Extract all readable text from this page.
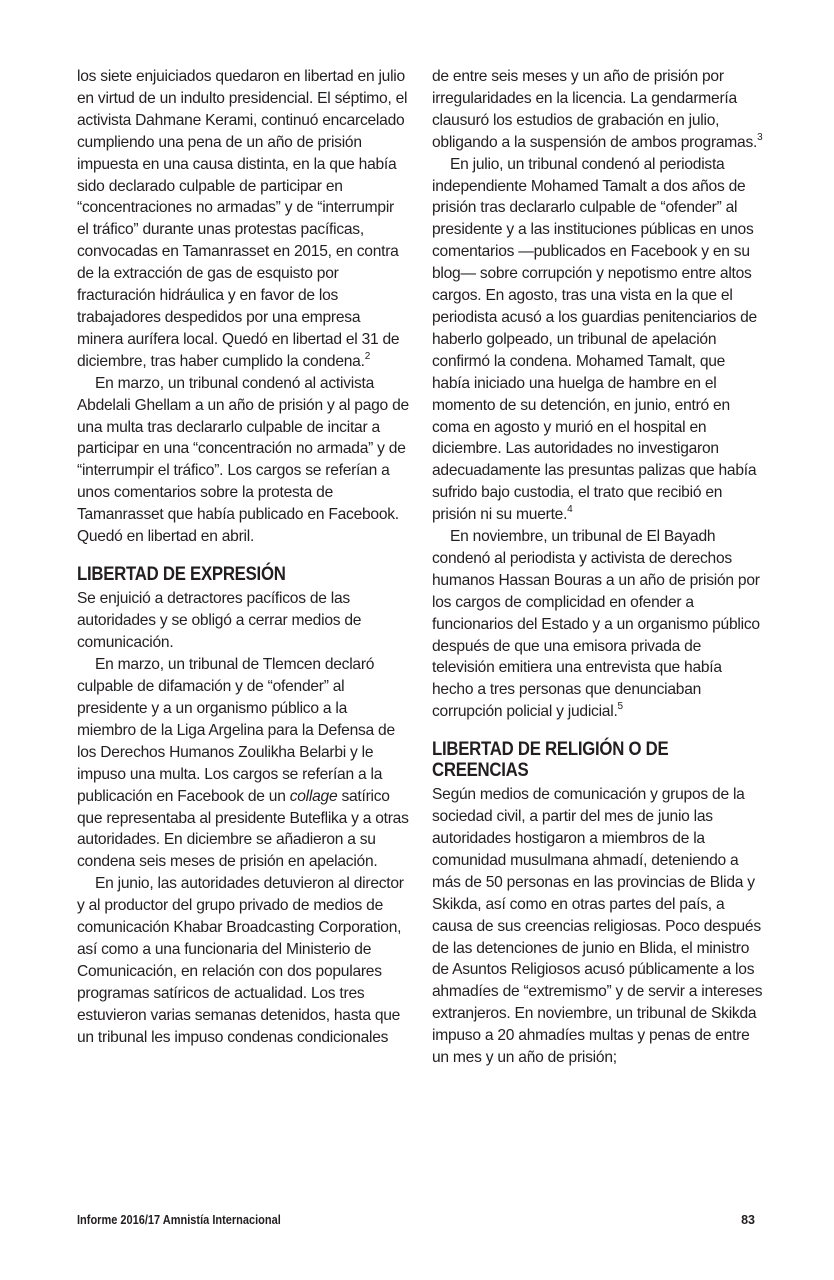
los siete enjuiciados quedaron en libertad en julio en virtud de un indulto presidencial. El séptimo, el activista Dahmane Kerami, continuó encarcelado cumpliendo una pena de un año de prisión impuesta en una causa distinta, en la que había sido declarado culpable de participar en “concentraciones no armadas” y de “interrumpir el tráfico” durante unas protestas pacíficas, convocadas en Tamanrasset en 2015, en contra de la extracción de gas de esquisto por fracturación hidráulica y en favor de los trabajadores despedidos por una empresa minera aurífera local. Quedó en libertad el 31 de diciembre, tras haber cumplido la condena.$^2$

En marzo, un tribunal condenó al activista Abdelali Ghellam a un año de prisión y al pago de una multa tras declararlo culpable de incitar a participar en una “concentración no armada” y de “interrumpir el tráfico”. Los cargos se referían a unos comentarios sobre la protesta de Tamanrasset que había publicado en Facebook. Quedó en libertad en abril.

LIBERTAD DE EXPRESIÓN

Se enjuició a detractores pacíficos de las autoridades y se obligó a cerrar medios de comunicación.

En marzo, un tribunal de Tlemcen declaró culpable de difamación y de “ofender” al presidente y a un organismo público a la miembro de la Liga Argelina para la Defensa de los Derechos Humanos Zoulikha Belarbi y le impuso una multa. Los cargos se referían a la publicación en Facebook de un collage satírico que representaba al presidente Buteflika y a otras autoridades. En diciembre se añadieron a su condena seis meses de prisión en apelación.

En junio, las autoridades detuvieron al director y al productor del grupo privado de medios de comunicación Khabar Broadcasting Corporation, así como a una funcionaria del Ministerio de Comunicación, en relación con dos populares programas satíricos de actualidad. Los tres estuvieron varias semanas detenidos, hasta que un tribunal les impuso condenas condicionales

de entre seis meses y un año de prisión por irregularidades en la licencia. La gendarmería clausuró los estudios de grabación en julio, obligando a la suspensión de ambos programas.$^3$

En julio, un tribunal condenó al periodista independiente Mohamed Tamalt a dos años de prisión tras declararlo culpable de “ofender” al presidente y a las instituciones públicas en unos comentarios —publicados en Facebook y en su blog— sobre corrupción y nepotismo entre altos cargos. En agosto, tras una vista en la que el periodista acusó a los guardias penitenciarios de haberlo golpeado, un tribunal de apelación confirmó la condena. Mohamed Tamalt, que había iniciado una huelga de hambre en el momento de su detención, en junio, entró en coma en agosto y murió en el hospital en diciembre. Las autoridades no investigaron adecuadamente las presuntas palizas que había sufrido bajo custodia, el trato que recibió en prisión ni su muerte.$^4$

En noviembre, un tribunal de El Bayadh condenó al periodista y activista de derechos humanos Hassan Bouras a un año de prisión por los cargos de complicidad en ofender a funcionarios del Estado y a un organismo público después de que una emisora privada de televisión emitiera una entrevista que había hecho a tres personas que denunciaban corrupción policial y judicial.$^5$

LIBERTAD DE RELIGIÓN O DE CREENCIAS

Según medios de comunicación y grupos de la sociedad civil, a partir del mes de junio las autoridades hostigaron a miembros de la comunidad musulmana ahmadí, deteniendo a más de 50 personas en las provincias de Blida y Skikda, así como en otras partes del país, a causa de sus creencias religiosas. Poco después de las detenciones de junio en Blida, el ministro de Asuntos Religiosos acusó públicamente a los ahmadíes de “extremismo” y de servir a intereses extranjeros. En noviembre, un tribunal de Skikda impuso a 20 ahmadíes multas y penas de entre un mes y un año de prisión;

Informe 2016/17 Amnistía Internacional	83
